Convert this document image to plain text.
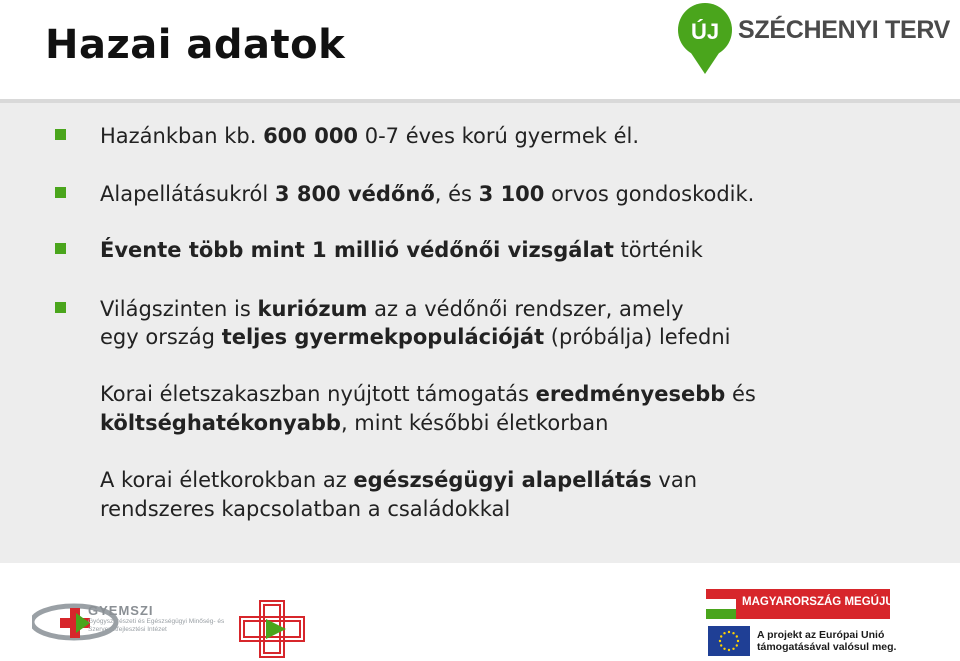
Hazai adatok	ÚJ SZÉCHENYI TERV
Hazánkban kb. 600 000 0-7 éves korú gyermek él.
Alapellátásukról 3 800 védőnő, és 3 100 orvos gondoskodik.
Évente több mint 1 millió védőnői vizsgálat történik
Világszinten is kuriózum az a védőnői rendszer, amely
egy ország teljes gyermekpopulációját (próbálja) lefedni
Korai életszakaszban nyújtott támogatás eredményesebb és
költséghatékonyabb, mint későbbi életkorban
A korai életkorokban az egészségügyi alapellátás van
rendszeres kapcsolatban a családokkal
GYEMSZI
Gyógyszerészeti és Egészségügyi Minőség- és Szervezetfejlesztési Intézet
MAGYARORSZÁG MEGÚJUL
A projekt az Európai Unió támogatásával valósul meg.
